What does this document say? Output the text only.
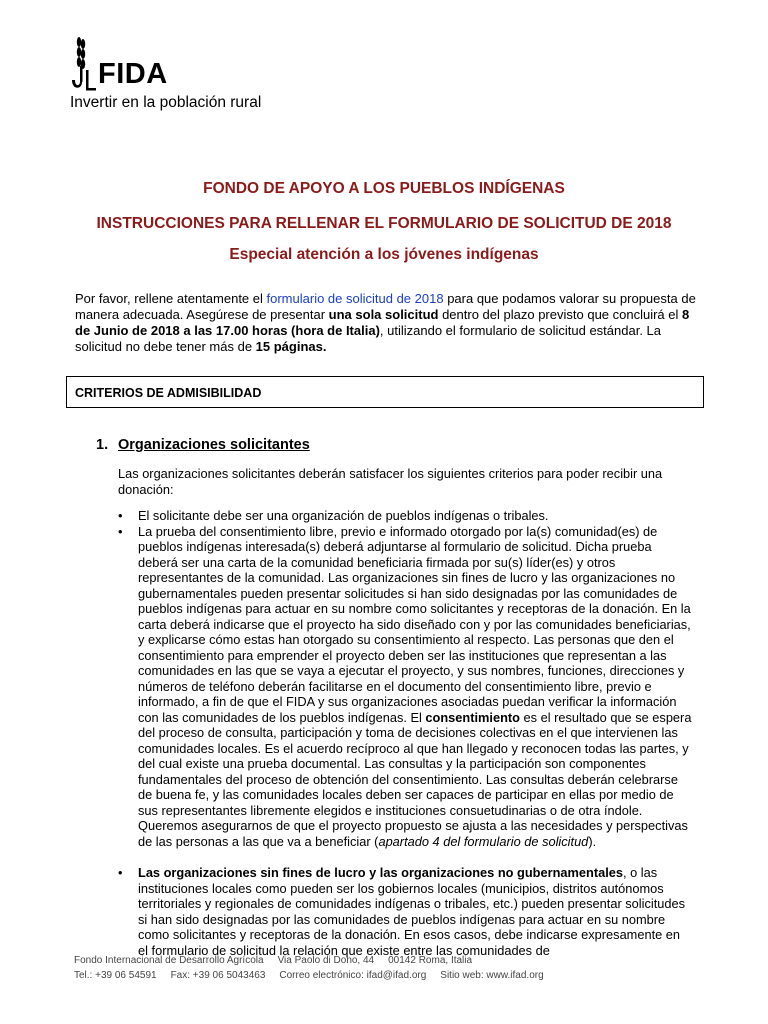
FIDA
Invertir en la población rural
FONDO DE APOYO A LOS PUEBLOS INDÍGENAS
INSTRUCCIONES PARA RELLENAR EL FORMULARIO DE SOLICITUD DE 2018
Especial atención a los jóvenes indígenas
Por favor, rellene atentamente el formulario de solicitud de 2018 para que podamos valorar su propuesta de manera adecuada. Asegúrese de presentar una sola solicitud dentro del plazo previsto que concluirá el 8 de Junio de 2018 a las 17.00 horas (hora de Italia), utilizando el formulario de solicitud estándar. La solicitud no debe tener más de 15 páginas.
CRITERIOS DE ADMISIBILIDAD
1. Organizaciones solicitantes
Las organizaciones solicitantes deberán satisfacer los siguientes criterios para poder recibir una donación:
• El solicitante debe ser una organización de pueblos indígenas o tribales.
• La prueba del consentimiento libre, previo e informado otorgado por la(s) comunidad(es) de pueblos indígenas interesada(s) deberá adjuntarse al formulario de solicitud. Dicha prueba deberá ser una carta de la comunidad beneficiaria firmada por su(s) líder(es) y otros representantes de la comunidad. Las organizaciones sin fines de lucro y las organizaciones no gubernamentales pueden presentar solicitudes si han sido designadas por las comunidades de pueblos indígenas para actuar en su nombre como solicitantes y receptoras de la donación. En la carta deberá indicarse que el proyecto ha sido diseñado con y por las comunidades beneficiarias, y explicarse cómo estas han otorgado su consentimiento al respecto. Las personas que den el consentimiento para emprender el proyecto deben ser las instituciones que representan a las comunidades en las que se vaya a ejecutar el proyecto, y sus nombres, funciones, direcciones y números de teléfono deberán facilitarse en el documento del consentimiento libre, previo e informado, a fin de que el FIDA y sus organizaciones asociadas puedan verificar la información con las comunidades de los pueblos indígenas. El consentimiento es el resultado que se espera del proceso de consulta, participación y toma de decisiones colectivas en el que intervienen las comunidades locales. Es el acuerdo recíproco al que han llegado y reconocen todas las partes, y del cual existe una prueba documental. Las consultas y la participación son componentes fundamentales del proceso de obtención del consentimiento. Las consultas deberán celebrarse de buena fe, y las comunidades locales deben ser capaces de participar en ellas por medio de sus representantes libremente elegidos e instituciones consuetudinarias o de otra índole. Queremos asegurarnos de que el proyecto propuesto se ajusta a las necesidades y perspectivas de las personas a las que va a beneficiar (apartado 4 del formulario de solicitud).
• Las organizaciones sin fines de lucro y las organizaciones no gubernamentales, o las instituciones locales como pueden ser los gobiernos locales (municipios, distritos autónomos territoriales y regionales de comunidades indígenas o tribales, etc.) pueden presentar solicitudes si han sido designadas por las comunidades de pueblos indígenas para actuar en su nombre como solicitantes y receptoras de la donación. En esos casos, debe indicarse expresamente en el formulario de solicitud la relación que existe entre las comunidades de
Fondo Internacional de Desarrollo Agrícola Via Paolo di Dono, 44 00142 Roma, Italia
Tel.: +39 06 54591 Fax: +39 06 5043463 Correo electrónico: ifad@ifad.org Sitio web: www.ifad.org
